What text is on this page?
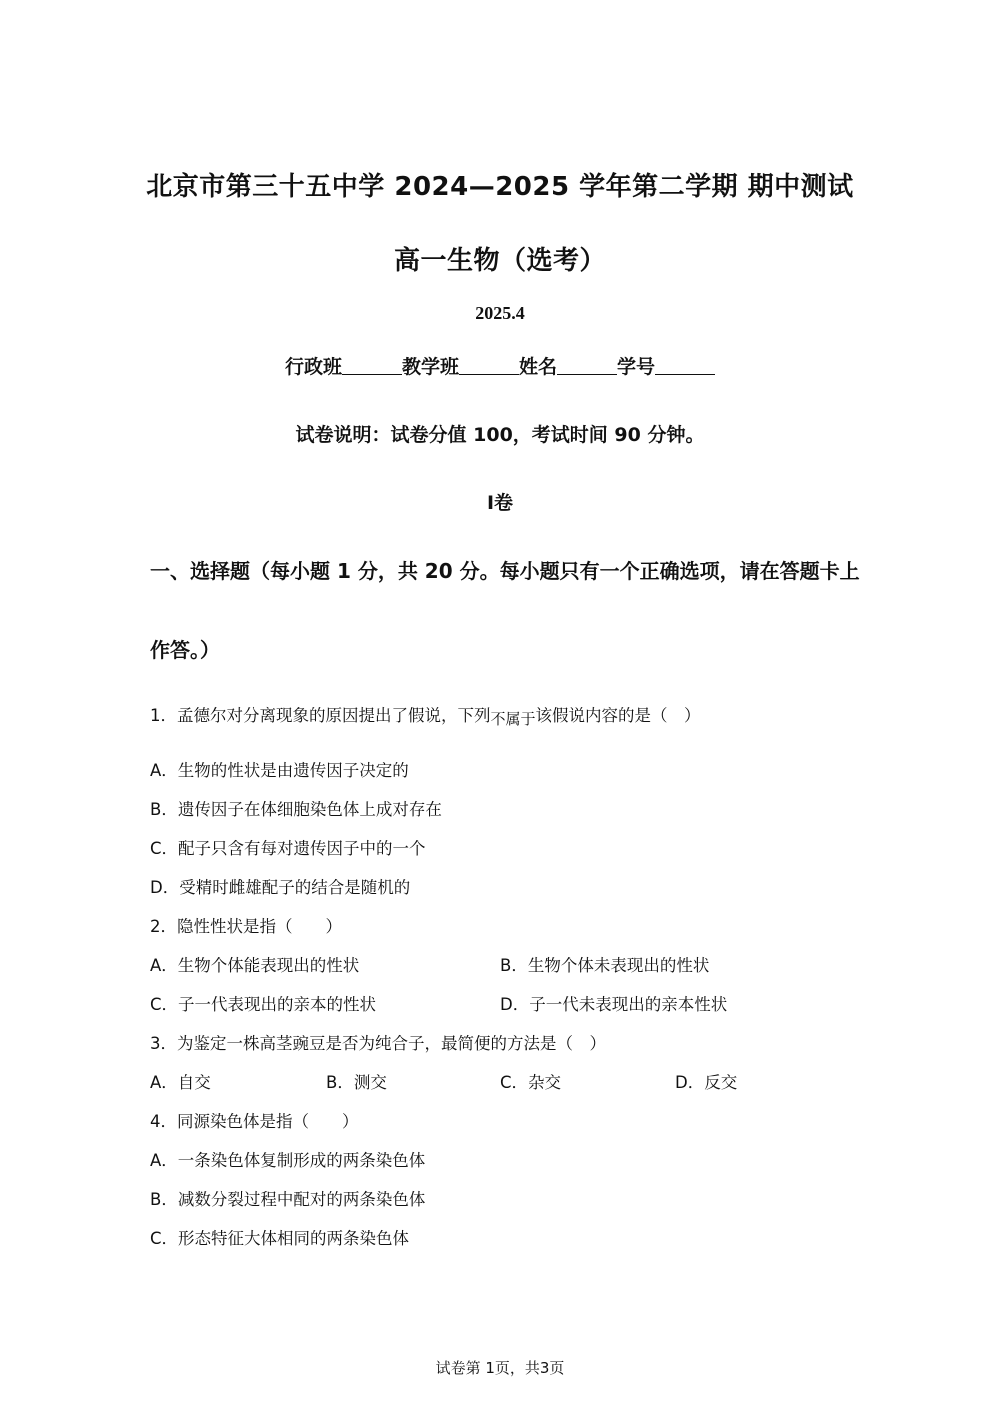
北京市第三十五中学 2024—2025 学年第二学期 期中测试
高一生物（选考）
2025.4
行政班	教学班	姓名	学号
试卷说明：试卷分值 100，考试时间 90 分钟。
Ⅰ卷
一、选择题（每小题 1 分，共 20 分。每小题只有一个正确选项，请在答题卡上
作答。）
1．孟德尔对分离现象的原因提出了假说，下列不属于该假说内容的是（　）
A．生物的性状是由遗传因子决定的
B．遗传因子在体细胞染色体上成对存在
C．配子只含有每对遗传因子中的一个
D．受精时雌雄配子的结合是随机的
2．隐性性状是指（　　）
A．生物个体能表现出的性状	B．生物个体未表现出的性状
C．子一代表现出的亲本的性状	D．子一代未表现出的亲本性状
3．为鉴定一株高茎豌豆是否为纯合子，最简便的方法是（　）
A．自交	B．测交	C．杂交	D．反交
4．同源染色体是指（　　）
A．一条染色体复制形成的两条染色体
B．减数分裂过程中配对的两条染色体
C．形态特征大体相同的两条染色体
试卷第 1页，共3页
